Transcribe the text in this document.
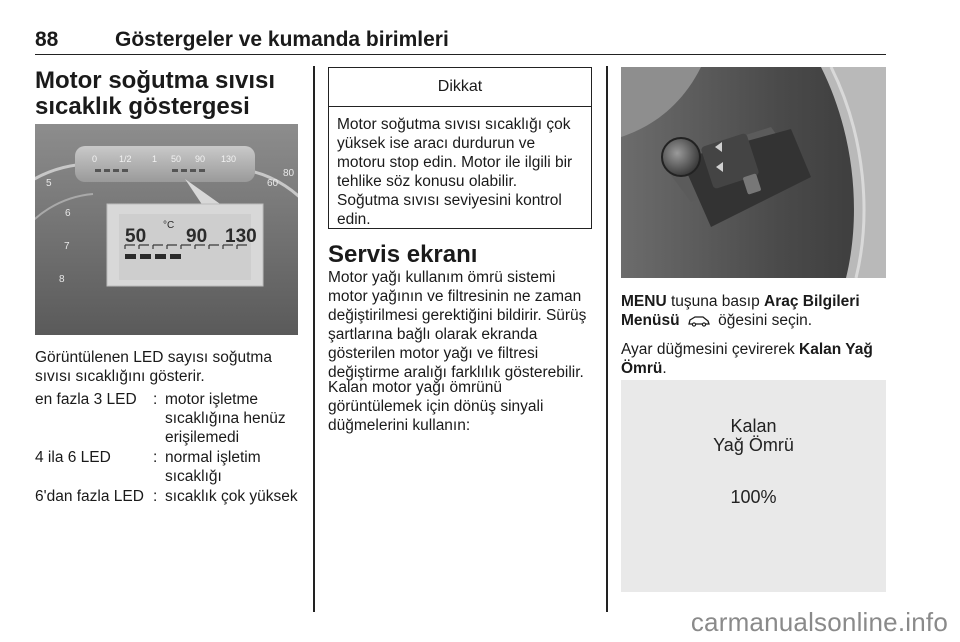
88	Göstergeler ve kumanda birimleri
Motor soğutma sıvısı
sıcaklık göstergesi
0 1/2 1 50 90 130
50
°C
90 130
5
6
7
8
60
80

Görüntülenen LED sayısı soğutma sıvısı sıcaklığını gösterir.

en fazla 3 LED	: motor işletme sıcaklığına henüz erişilemedi
4 ila 6 LED	: normal işletim sıcaklığı
6'dan fazla LED : sıcaklık çok yüksek
Dikkat
Motor soğutma sıvısı sıcaklığı çok yüksek ise aracı durdurun ve motoru stop edin. Motor ile ilgili bir tehlike söz konusu olabilir. Soğutma sıvısı seviyesini kontrol edin.
Servis ekranı

Motor yağı kullanım ömrü sistemi motor yağının ve filtresinin ne zaman değiştirilmesi gerektiğini bildirir. Sürüş şartlarına bağlı olarak ekranda gösterilen motor yağı ve filtresi değiştirme aralığı farklılık gösterebilir.

Kalan motor yağı ömrünü görüntülemek için dönüş sinyali düğmelerini kullanın:

MENU tuşuna basıp Araç Bilgileri Menüsü  öğesini seçin.

Ayar düğmesini çevirerek Kalan Yağ Ömrü.

Kalan
Yağ Ömrü
100%
carmanualsonline.info
